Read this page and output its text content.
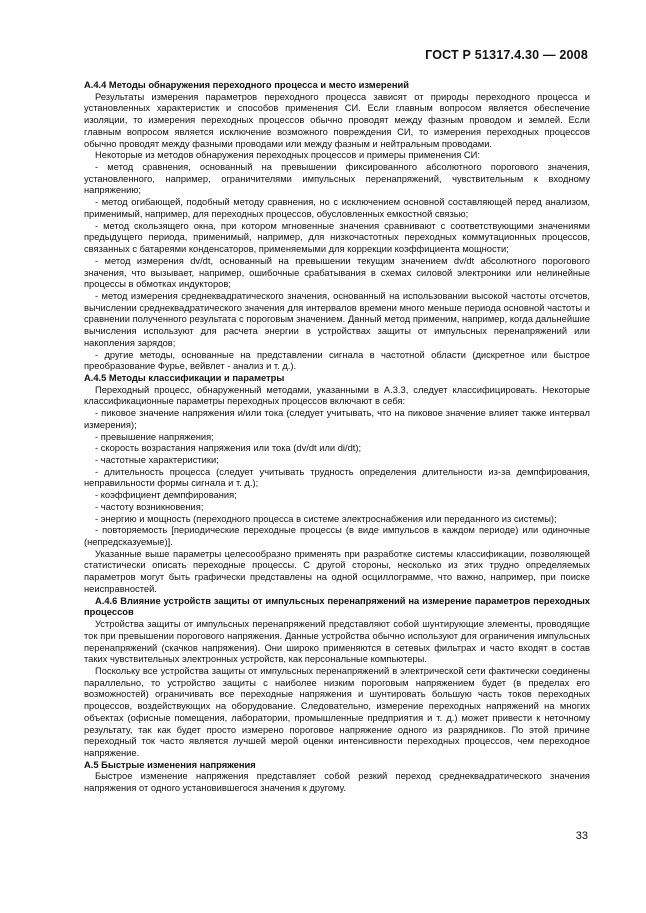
ГОСТ Р 51317.4.30 — 2008

А.4.4 Методы обнаружения переходного процесса и место измерений

Результаты измерения параметров переходного процесса зависят от природы переходного процесса и установленных характеристик и способов применения СИ. Если главным вопросом является обеспечение изоляции, то измерения переходных процессов обычно проводят между фазным проводом и землей. Если главным вопросом является исключение возможного повреждения СИ, то измерения переходных процессов обычно проводят между фазными проводами или между фазным и нейтральным проводами.

Некоторые из методов обнаружения переходных процессов и примеры применения СИ:

- метод сравнения, основанный на превышении фиксированного абсолютного порогового значения, установленного, например, ограничителями импульсных перенапряжений, чувствительным к входному напряжению;

- метод огибающей, подобный методу сравнения, но с исключением основной составляющей перед анализом, применимый, например, для переходных процессов, обусловленных емкостной связью;

- метод скользящего окна, при котором мгновенные значения сравнивают с соответствующими значениями предыдущего периода, применимый, например, для низкочастотных переходных коммутационных процессов, связанных с батареями конденсаторов, применяемыми для коррекции коэффициента мощности;

- метод измерения dv/dt, основанный на превышении текущим значением dv/dt абсолютного порогового значения, что вызывает, например, ошибочные срабатывания в схемах силовой электроники или нелинейные процессы в обмотках индукторов;

- метод измерения среднеквадратического значения, основанный на использовании высокой частоты отсчетов, вычислении среднеквадратического значения для интервалов времени много меньше периода основной частоты и сравнении полученного результата с пороговым значением. Данный метод применим, например, когда дальнейшие вычисления используют для расчета энергии в устройствах защиты от импульсных перенапряжений или накопления зарядов;

- другие методы, основанные на представлении сигнала в частотной области (дискретное или быстрое преобразование Фурье, вейвлет - анализ и т. д.).

А.4.5 Методы классификации и параметры

Переходный процесс, обнаруженный методами, указанными в А.3.3, следует классифицировать. Некоторые классификационные параметры переходных процессов включают в себя:

- пиковое значение напряжения и/или тока (следует учитывать, что на пиковое значение влияет также интервал измерения);

- превышение напряжения;

- скорость возрастания напряжения или тока (dv/dt или di/dt);

- частотные характеристики;

- длительность процесса (следует учитывать трудность определения длительности из-за демпфирования, неправильности формы сигнала и т. д.);

- коэффициент демпфирования;

- частоту возникновения;

- энергию и мощность (переходного процесса в системе электроснабжения или переданного из системы);

- повторяемость [периодические переходные процессы (в виде импульсов в каждом периоде) или одиночные (непредсказуемые)].

Указанные выше параметры целесообразно применять при разработке системы классификации, позволяющей статистически описать переходные процессы. С другой стороны, несколько из этих трудно определяемых параметров могут быть графически представлены на одной осциллограмме, что важно, например, при поиске неисправностей.

А.4.6 Влияние устройств защиты от импульсных перенапряжений на измерение параметров переходных процессов

Устройства защиты от импульсных перенапряжений представляют собой шунтирующие элементы, проводящие ток при превышении порогового напряжения. Данные устройства обычно используют для ограничения импульсных перенапряжений (скачков напряжения). Они широко применяются в сетевых фильтрах и часто входят в состав таких чувствительных электронных устройств, как персональные компьютеры.

Поскольку все устройства защиты от импульсных перенапряжений в электрической сети фактически соединены параллельно, то устройство защиты с наиболее низким пороговым напряжением будет (в пределах его возможностей) ограничивать все переходные напряжения и шунтировать большую часть токов переходных процессов, воздействующих на оборудование. Следовательно, измерение переходных напряжений на многих объектах (офисные помещения, лаборатории, промышленные предприятия и т. д.) может привести к неточному результату, так как будет просто измерено пороговое напряжение одного из разрядников. По этой причине переходный ток часто является лучшей мерой оценки интенсивности переходных процессов, чем переходное напряжение.

А.5 Быстрые изменения напряжения

Быстрое изменение напряжения представляет собой резкий переход среднеквадратического значения напряжения от одного установившегося значения к другому.

33
